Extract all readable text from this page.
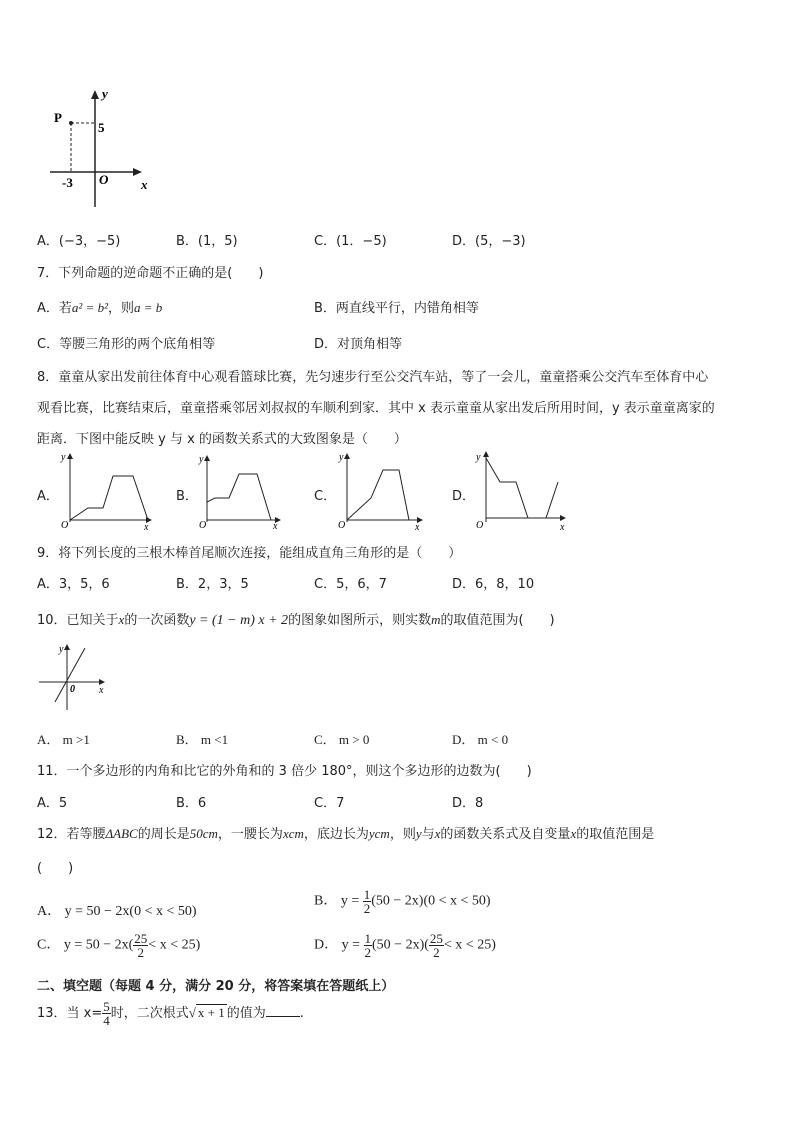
P
5
-3 O	x
y
A．(−3，−5)	B．(1，5)	C．(1．−5)	D．(5，−3)
7．下列命题的逆命题不正确的是(　　)
A．若a² = b²，则a = b	B．两直线平行，内错角相等
C．等腰三角形的两个底角相等	D．对顶角相等
8．童童从家出发前往体育中心观看篮球比赛，先匀速步行至公交汽车站，等了一会儿，童童搭乘公交汽车至体育中心
观看比赛，比赛结束后，童童搭乘邻居刘叔叔的车顺利到家．其中 x 表示童童从家出发后所用时间，y 表示童童离家的
距离．下图中能反映 y 与 x 的函数关系式的大致图象是（　　）
A．
y
O	x
B．
y
O	x
C．
y
O	x
D．
y
O	x
9．将下列长度的三根木棒首尾顺次连接，能组成直角三角形的是（　　）
A．3，5，6	B．2，3，5	C．5，6，7	D．6，8，10
10．已知关于x的一次函数y = (1 − m) x + 2的图象如图所示，则实数m的取值范围为(　　)
y
0 x
A． m >1	B． m <1	C． m > 0	D． m < 0
11．一个多边形的内角和比它的外角和的 3 倍少 180°，则这个多边形的边数为(　　)
A．5	B．6	C．7	D．8
12．若等腰ΔABC的周长是50cm，一腰长为xcm，底边长为ycm，则y与x的函数关系式及自变量x的取值范围是
(　　)
A． y = 50 − 2x(0 < x < 50)
B． $y = \frac{1}{2} (50 - 2x)(0 < x < 50)$
C． $y = 50 - 2x( \frac{25}{2} < x < 25)$	D． $y = \frac{1}{2} (50 - 2x)( \frac{25}{2} < x < 25)$
二、填空题（每题 4 分，满分 20 分，将答案填在答题纸上）
13．当 $x= \frac{5}{4}$ 时，二次根式√ x + 1 的值为	.
